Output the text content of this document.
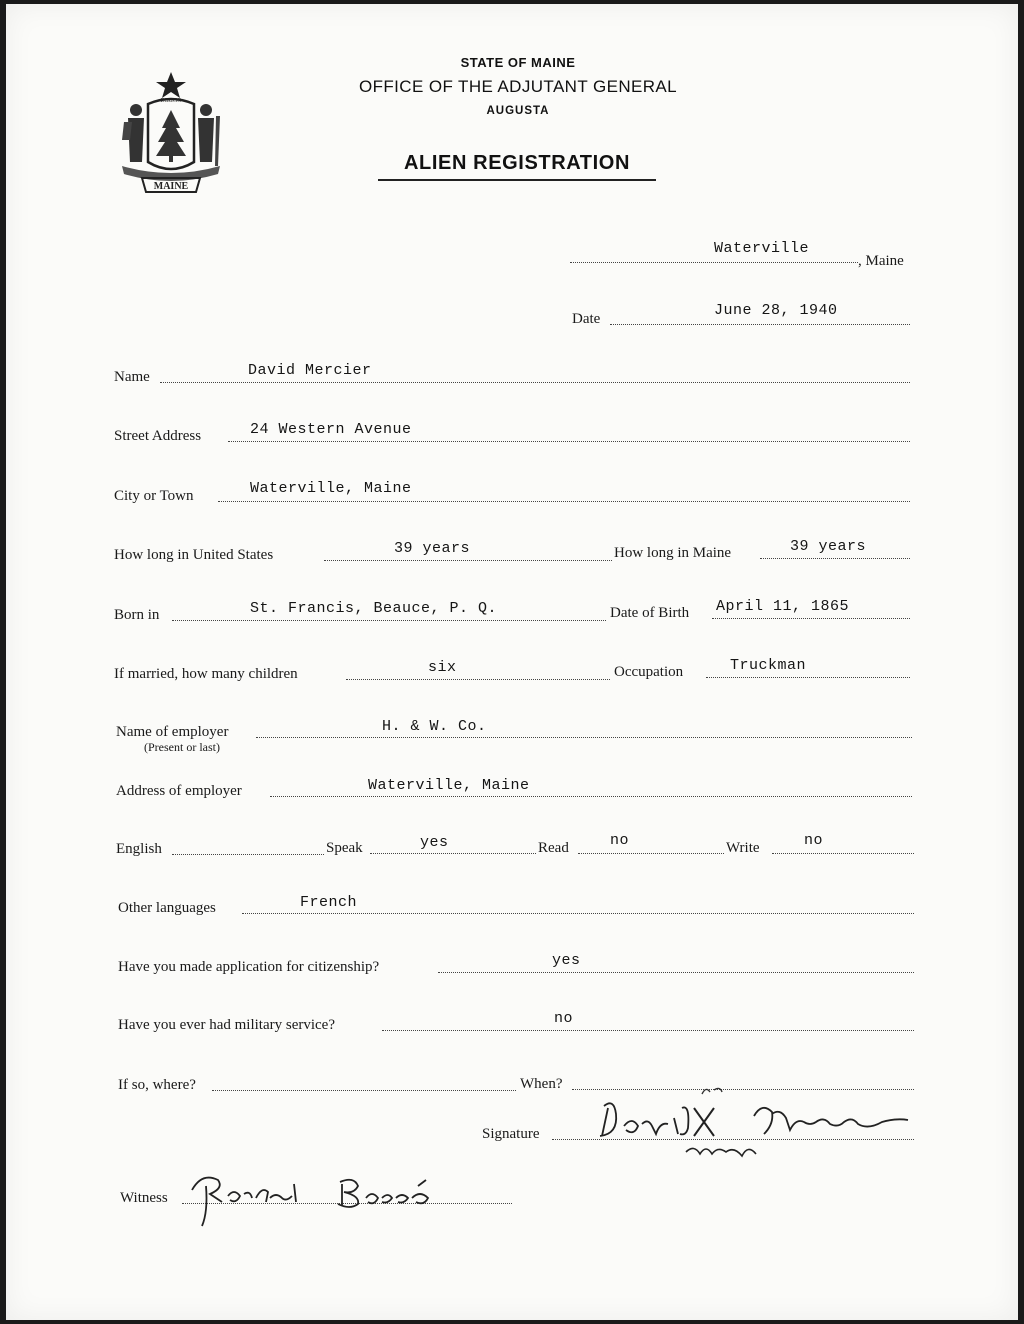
MAINE
DIRIGO
STATE OF MAINE
OFFICE OF THE ADJUTANT GENERAL
AUGUSTA
ALIEN REGISTRATION
Waterville
, Maine
Date	June 28, 1940
Name	David Mercier
Street Address	24 Western Avenue
City or Town	Waterville, Maine
How long in United States	39 years	How long in Maine	39 years
Born in	St. Francis, Beauce, P. Q.	Date of Birth April 11, 1865
If married, how many children	six	Occupation	Truckman
Name of employer
(Present or last)
H. & W. Co.
Address of employer	Waterville, Maine
English	Speak	yes	Read	no	Write	no
Other languages	French
Have you made application for citizenship?	yes
Have you ever had military service?	no
If so, where?	When?
Signature
Witness
